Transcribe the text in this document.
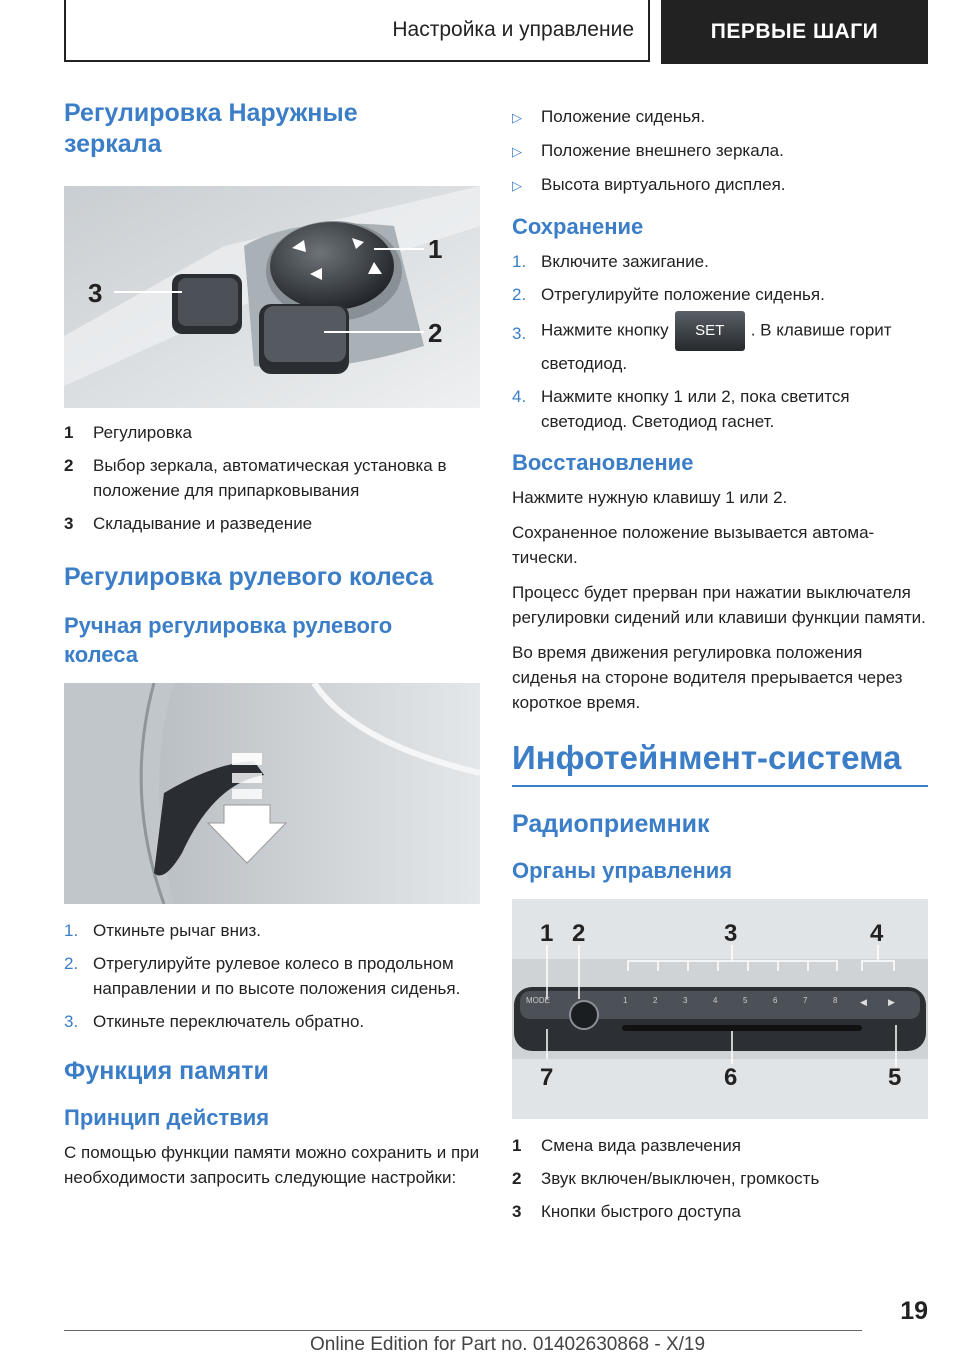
Настройка и управление	ПЕРВЫЕ ШАГИ
Регулировка Наружные зеркала
1
2
3
1	Регулировка
2	Выбор зеркала, автоматическая установка в положение для припарковывания
3	Складывание и разведение
Регулировка рулевого колеса
Ручная регулировка рулевого колеса
1. Откиньте рычаг вниз.
2. Отрегулируйте рулевое колесо в продольном направлении и по высоте положения сиденья.
3. Откиньте переключатель обратно.
Функция памяти
Принцип действия
С помощью функции памяти можно сохранить и при необходимости запросить следующие настройки:
▷	Положение сиденья.
▷	Положение внешнего зеркала.
▷	Высота виртуального дисплея.
Сохранение
1. Включите зажигание.
2. Отрегулируйте положение сиденья.
3. Нажмите кнопку SET . В клавише горит светодиод.
4. Нажмите кнопку 1 или 2, пока светится светодиод. Светодиод гаснет.
Восстановление
Нажмите нужную клавишу 1 или 2.
Сохраненное положение вызывается автоматически.
Процесс будет прерван при нажатии выключателя регулировки сидений или клавиши функции памяти.
Во время движения регулировка положения сиденья на стороне водителя прерывается через короткое время.
Инфотейнмент-система
Радиоприемник
Органы управления
MODE	1	2	3	4	5	6	7	8	◀ ▶
1 2	3	4
5
6
7
1	Смена вида развлечения
2	Звук включен/выключен, громкость
3	Кнопки быстрого доступа
19
Online Edition for Part no. 01402630868 - X/19
